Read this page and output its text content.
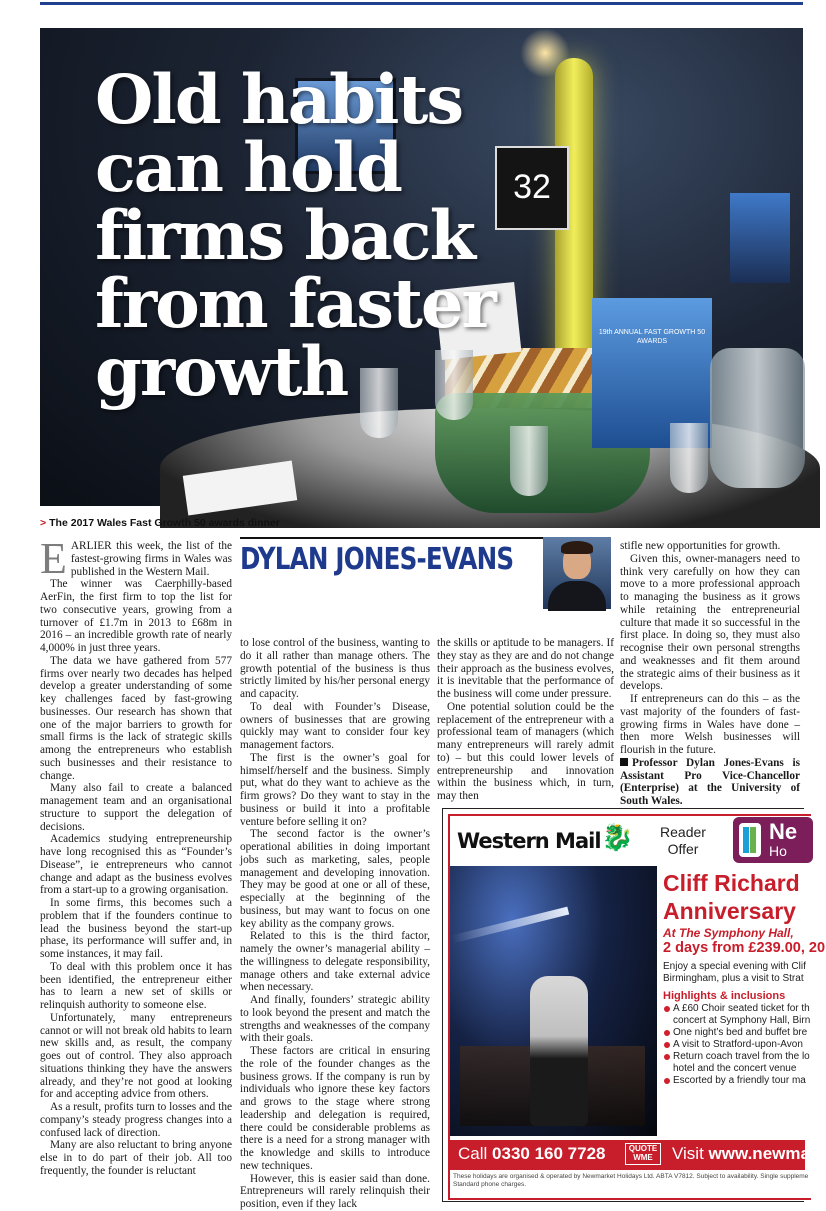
32
19th ANNUAL FAST GROWTH 50 AWARDS
Old habits can hold firms back from faster growth
> The 2017 Wales Fast Growth 50 awards dinner
DYLAN JONES-EVANS

EARLIER this week, the list of the fastest-growing firms in Wales was published in the Western Mail.

The winner was Caerphilly-based AerFin, the first firm to top the list for two consecutive years, growing from a turnover of £1.7m in 2013 to £68m in 2016 – an incredible growth rate of nearly 4,000% in just three years.

The data we have gathered from 577 firms over nearly two decades has helped develop a greater understanding of some key challenges faced by fast-growing businesses. Our research has shown that one of the major barriers to growth for small firms is the lack of strategic skills among the entrepreneurs who establish such businesses and their resistance to change.

Many also fail to create a balanced management team and an organisational structure to support the delegation of decisions.

Academics studying entrepreneurship have long recognised this as “Founder’s Disease”, ie entrepreneurs who cannot change and adapt as the business evolves from a start-up to a growing organisation.

In some firms, this becomes such a problem that if the founders continue to lead the business beyond the start-up phase, its performance will suffer and, in some instances, it may fail.

To deal with this problem once it has been identified, the entrepreneur either has to learn a new set of skills or relinquish authority to someone else.

Unfortunately, many entrepreneurs cannot or will not break old habits to learn new skills and, as result, the company goes out of control. They also approach situations thinking they have the answers already, and they’re not good at looking for and accepting advice from others.

As a result, profits turn to losses and the company’s steady progress changes into a confused lack of direction.

Many are also reluctant to bring anyone else in to do part of their job. All too frequently, the founder is reluctant

to lose control of the business, wanting to do it all rather than manage others. The growth potential of the business is thus strictly limited by his/her personal energy and capacity.

To deal with Founder’s Disease, owners of businesses that are growing quickly may want to consider four key management factors.

The first is the owner’s goal for himself/herself and the business. Simply put, what do they want to achieve as the firm grows? Do they want to stay in the business or build it into a profitable venture before selling it on?

The second factor is the owner’s operational abilities in doing important jobs such as marketing, sales, people management and developing innovation. They may be good at one or all of these, especially at the beginning of the business, but may want to focus on one key ability as the company grows.

Related to this is the third factor, namely the owner’s managerial ability – the willingness to delegate responsibility, manage others and take external advice when necessary.

And finally, founders’ strategic ability to look beyond the present and match the strengths and weaknesses of the company with their goals.

These factors are critical in ensuring the role of the founder changes as the business grows. If the company is run by individuals who ignore these key factors and grows to the stage where strong leadership and delegation is required, there could be considerable problems as there is a need for a strong manager with the knowledge and skills to introduce new techniques.

However, this is easier said than done. Entrepreneurs will rarely relinquish their position, even if they lack

the skills or aptitude to be managers. If they stay as they are and do not change their approach as the business evolves, it is inevitable that the performance of the business will come under pressure.

One potential solution could be the replacement of the entrepreneur with a professional team of managers (which many entrepreneurs will rarely admit to) – but this could lower levels of entrepreneurship and innovation within the business which, in turn, may then

stifle new opportunities for growth.

Given this, owner-managers need to think very carefully on how they can move to a more professional approach to managing the business as it grows while retaining the entrepreneurial culture that made it so successful in the first place. In doing so, they must also recognise their own personal strengths and weaknesses and fit them around the strategic aims of their business as it develops.

If entrepreneurs can do this – as the vast majority of the founders of fast-growing firms in Wales have done – then more Welsh businesses will flourish in the future.

Professor Dylan Jones-Evans is Assistant Pro Vice-Chancellor (Enterprise) at the University of South Wales.

Western Mail 🐉 Reader Offer
Ne
Ho
Cliff Richard
Anniversary
At The Symphony Hall,
2 days from £239.00, 20
Enjoy a special evening with Clif
Birmingham, plus a visit to Strat
Highlights & inclusions
A £60 Choir seated ticket for th
concert at Symphony Hall, Birn
One night’s bed and buffet bre
A visit to Stratford-upon-Avon
Return coach travel from the lo
hotel and the concert venue
Escorted by a friendly tour ma
Call 0330 160 7728	QUOTE WME	Visit www.newmark
These holidays are organised & operated by Newmarket Holidays Ltd. ABTA V7812. Subject to availability. Single suppleme
Standard phone charges.
